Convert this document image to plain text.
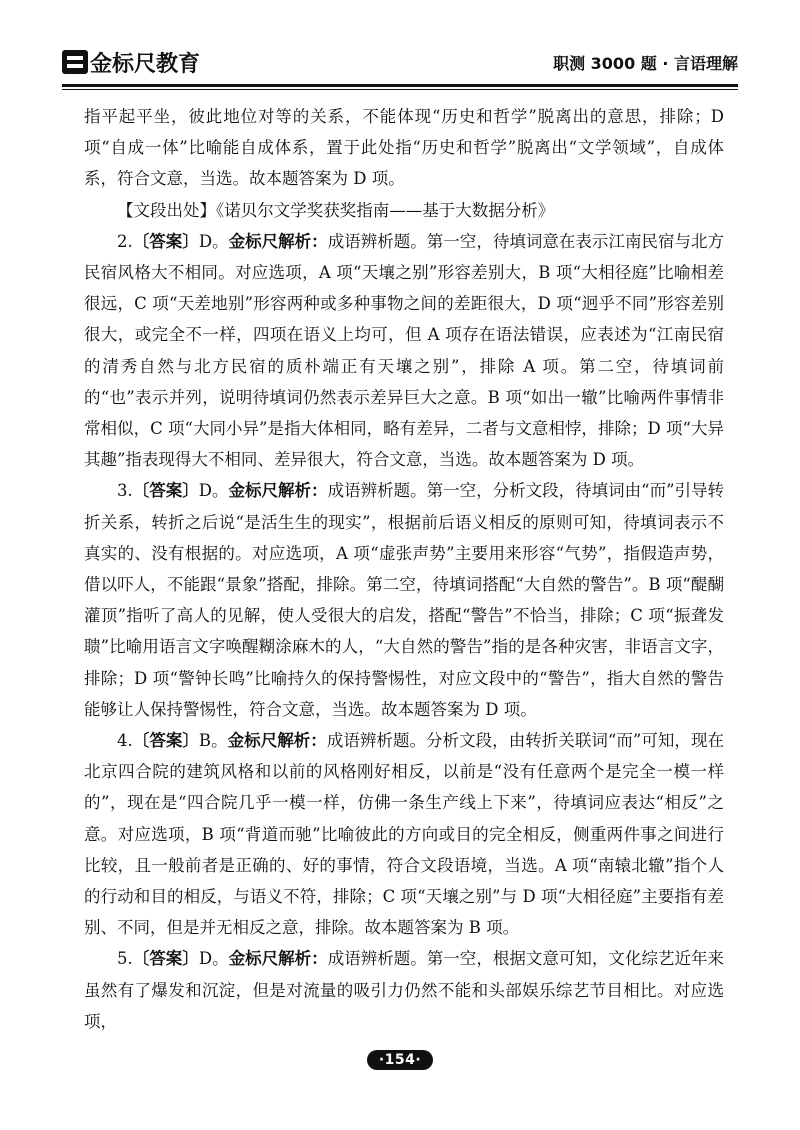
金标尺教育	职测 3000 题 · 言语理解

指平起平坐，彼此地位对等的关系，不能体现“历史和哲学”脱离出的意思，排除；D 项“自成一体”比喻能自成体系，置于此处指“历史和哲学”脱离出“文学领域”，自成体系，符合文意，当选。故本题答案为 D 项。

【文段出处】《诺贝尔文学奖获奖指南——基于大数据分析》

2.〔答案〕D。金标尺解析：成语辨析题。第一空，待填词意在表示江南民宿与北方民宿风格大不相同。对应选项，A 项“天壤之别”形容差别大，B 项“大相径庭”比喻相差很远，C 项“天差地别”形容两种或多种事物之间的差距很大，D 项“迥乎不同”形容差别很大，或完全不一样，四项在语义上均可，但 A 项存在语法错误，应表述为“江南民宿的清秀自然与北方民宿的质朴端正有天壤之别”，排除 A 项。第二空，待填词前的“也”表示并列，说明待填词仍然表示差异巨大之意。B 项“如出一辙”比喻两件事情非常相似，C 项“大同小异”是指大体相同，略有差异，二者与文意相悖，排除；D 项“大异其趣”指表现得大不相同、差异很大，符合文意，当选。故本题答案为 D 项。

3.〔答案〕D。金标尺解析：成语辨析题。第一空，分析文段，待填词由“而”引导转折关系，转折之后说“是活生生的现实”，根据前后语义相反的原则可知，待填词表示不真实的、没有根据的。对应选项，A 项“虚张声势”主要用来形容“气势”，指假造声势，借以吓人，不能跟“景象”搭配，排除。第二空，待填词搭配“大自然的警告”。B 项“醍醐灌顶”指听了高人的见解，使人受很大的启发，搭配“警告”不恰当，排除；C 项“振聋发聩”比喻用语言文字唤醒糊涂麻木的人，“大自然的警告”指的是各种灾害，非语言文字，排除；D 项“警钟长鸣”比喻持久的保持警惕性，对应文段中的“警告”，指大自然的警告能够让人保持警惕性，符合文意，当选。故本题答案为 D 项。

4.〔答案〕B。金标尺解析：成语辨析题。分析文段，由转折关联词“而”可知，现在北京四合院的建筑风格和以前的风格刚好相反，以前是“没有任意两个是完全一模一样的”，现在是“四合院几乎一模一样，仿佛一条生产线上下来”，待填词应表达“相反”之意。对应选项，B 项“背道而驰”比喻彼此的方向或目的完全相反，侧重两件事之间进行比较，且一般前者是正确的、好的事情，符合文段语境，当选。A 项“南辕北辙”指个人的行动和目的相反，与语义不符，排除；C 项“天壤之别”与 D 项“大相径庭”主要指有差别、不同，但是并无相反之意，排除。故本题答案为 B 项。

5.〔答案〕D。金标尺解析：成语辨析题。第一空，根据文意可知，文化综艺近年来虽然有了爆发和沉淀，但是对流量的吸引力仍然不能和头部娱乐综艺节目相比。对应选项，

·154·
